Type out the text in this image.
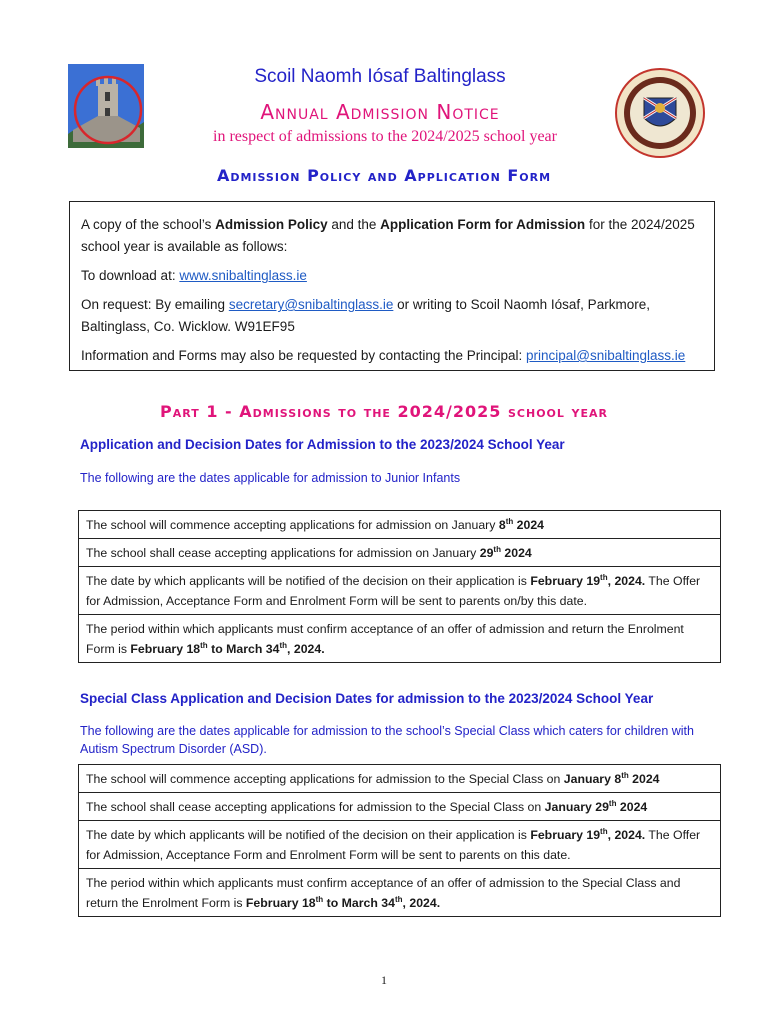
Scoil Naomh Iósaf Baltinglass
Annual Admission Notice
in respect of admissions to the 2024/2025 school year
Admission Policy and Application Form

A copy of the school’s Admission Policy and the Application Form for Admission for the 2024/2025 school year is available as follows:

To download at: www.snibaltinglass.ie

On request: By emailing secretary@snibaltinglass.ie or writing to Scoil Naomh Iósaf, Parkmore, Baltinglass, Co. Wicklow. W91EF95

Information and Forms may also be requested by contacting the Principal: principal@snibaltinglass.ie

Part 1 - Admissions to the 2024/2025 school year
Application and Decision Dates for Admission to the 2023/2024 School Year
The following are the dates applicable for admission to Junior Infants
The school will commence accepting applications for admission on January 8th 2024
The school shall cease accepting applications for admission on January 29th 2024
The date by which applicants will be notified of the decision on their application is February 19th, 2024. The Offer for Admission, Acceptance Form and Enrolment Form will be sent to parents on/by this date.
The period within which applicants must confirm acceptance of an offer of admission and return the Enrolment Form is February 18th to March 34th, 2024.
Special Class Application and Decision Dates for admission to the 2023/2024 School Year
The following are the dates applicable for admission to the school’s Special Class which caters for children with Autism Spectrum Disorder (ASD).
The school will commence accepting applications for admission to the Special Class on January 8th 2024
The school shall cease accepting applications for admission to the Special Class on January 29th 2024
The date by which applicants will be notified of the decision on their application is February 19th, 2024. The Offer for Admission, Acceptance Form and Enrolment Form will be sent to parents on this date.
The period within which applicants must confirm acceptance of an offer of admission to the Special Class and return the Enrolment Form is February 18th to March 34th, 2024.
1
